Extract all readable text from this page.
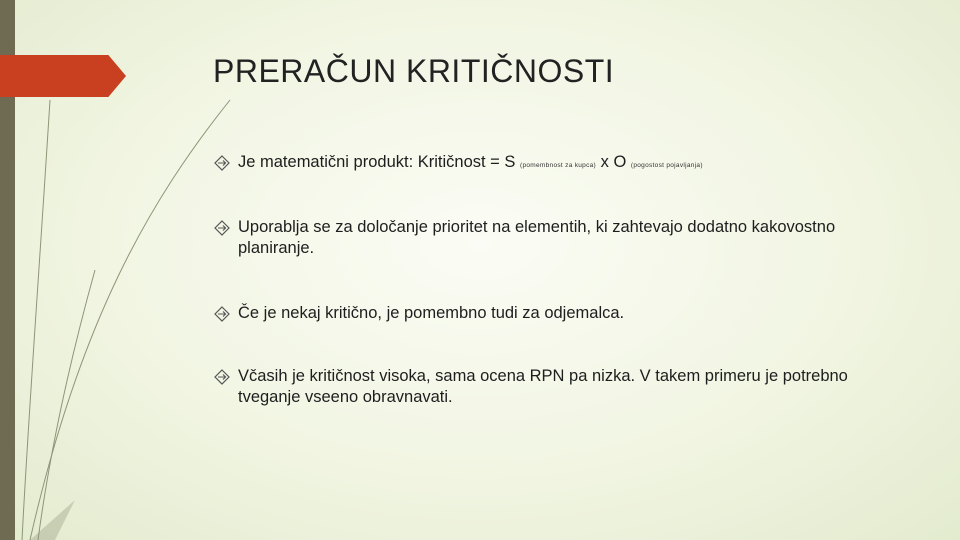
PRERAČUN KRITIČNOSTI
Je matematični produkt: Kritičnost = S (pomembnost za kupca) x O (pogostost pojavljanja)
Uporablja se za določanje prioritet na elementih, ki zahtevajo dodatno kakovostno planiranje.
Če je nekaj kritično, je pomembno tudi za odjemalca.
Včasih je kritičnost visoka, sama ocena RPN pa nizka. V takem primeru je potrebno tveganje vseeno obravnavati.
